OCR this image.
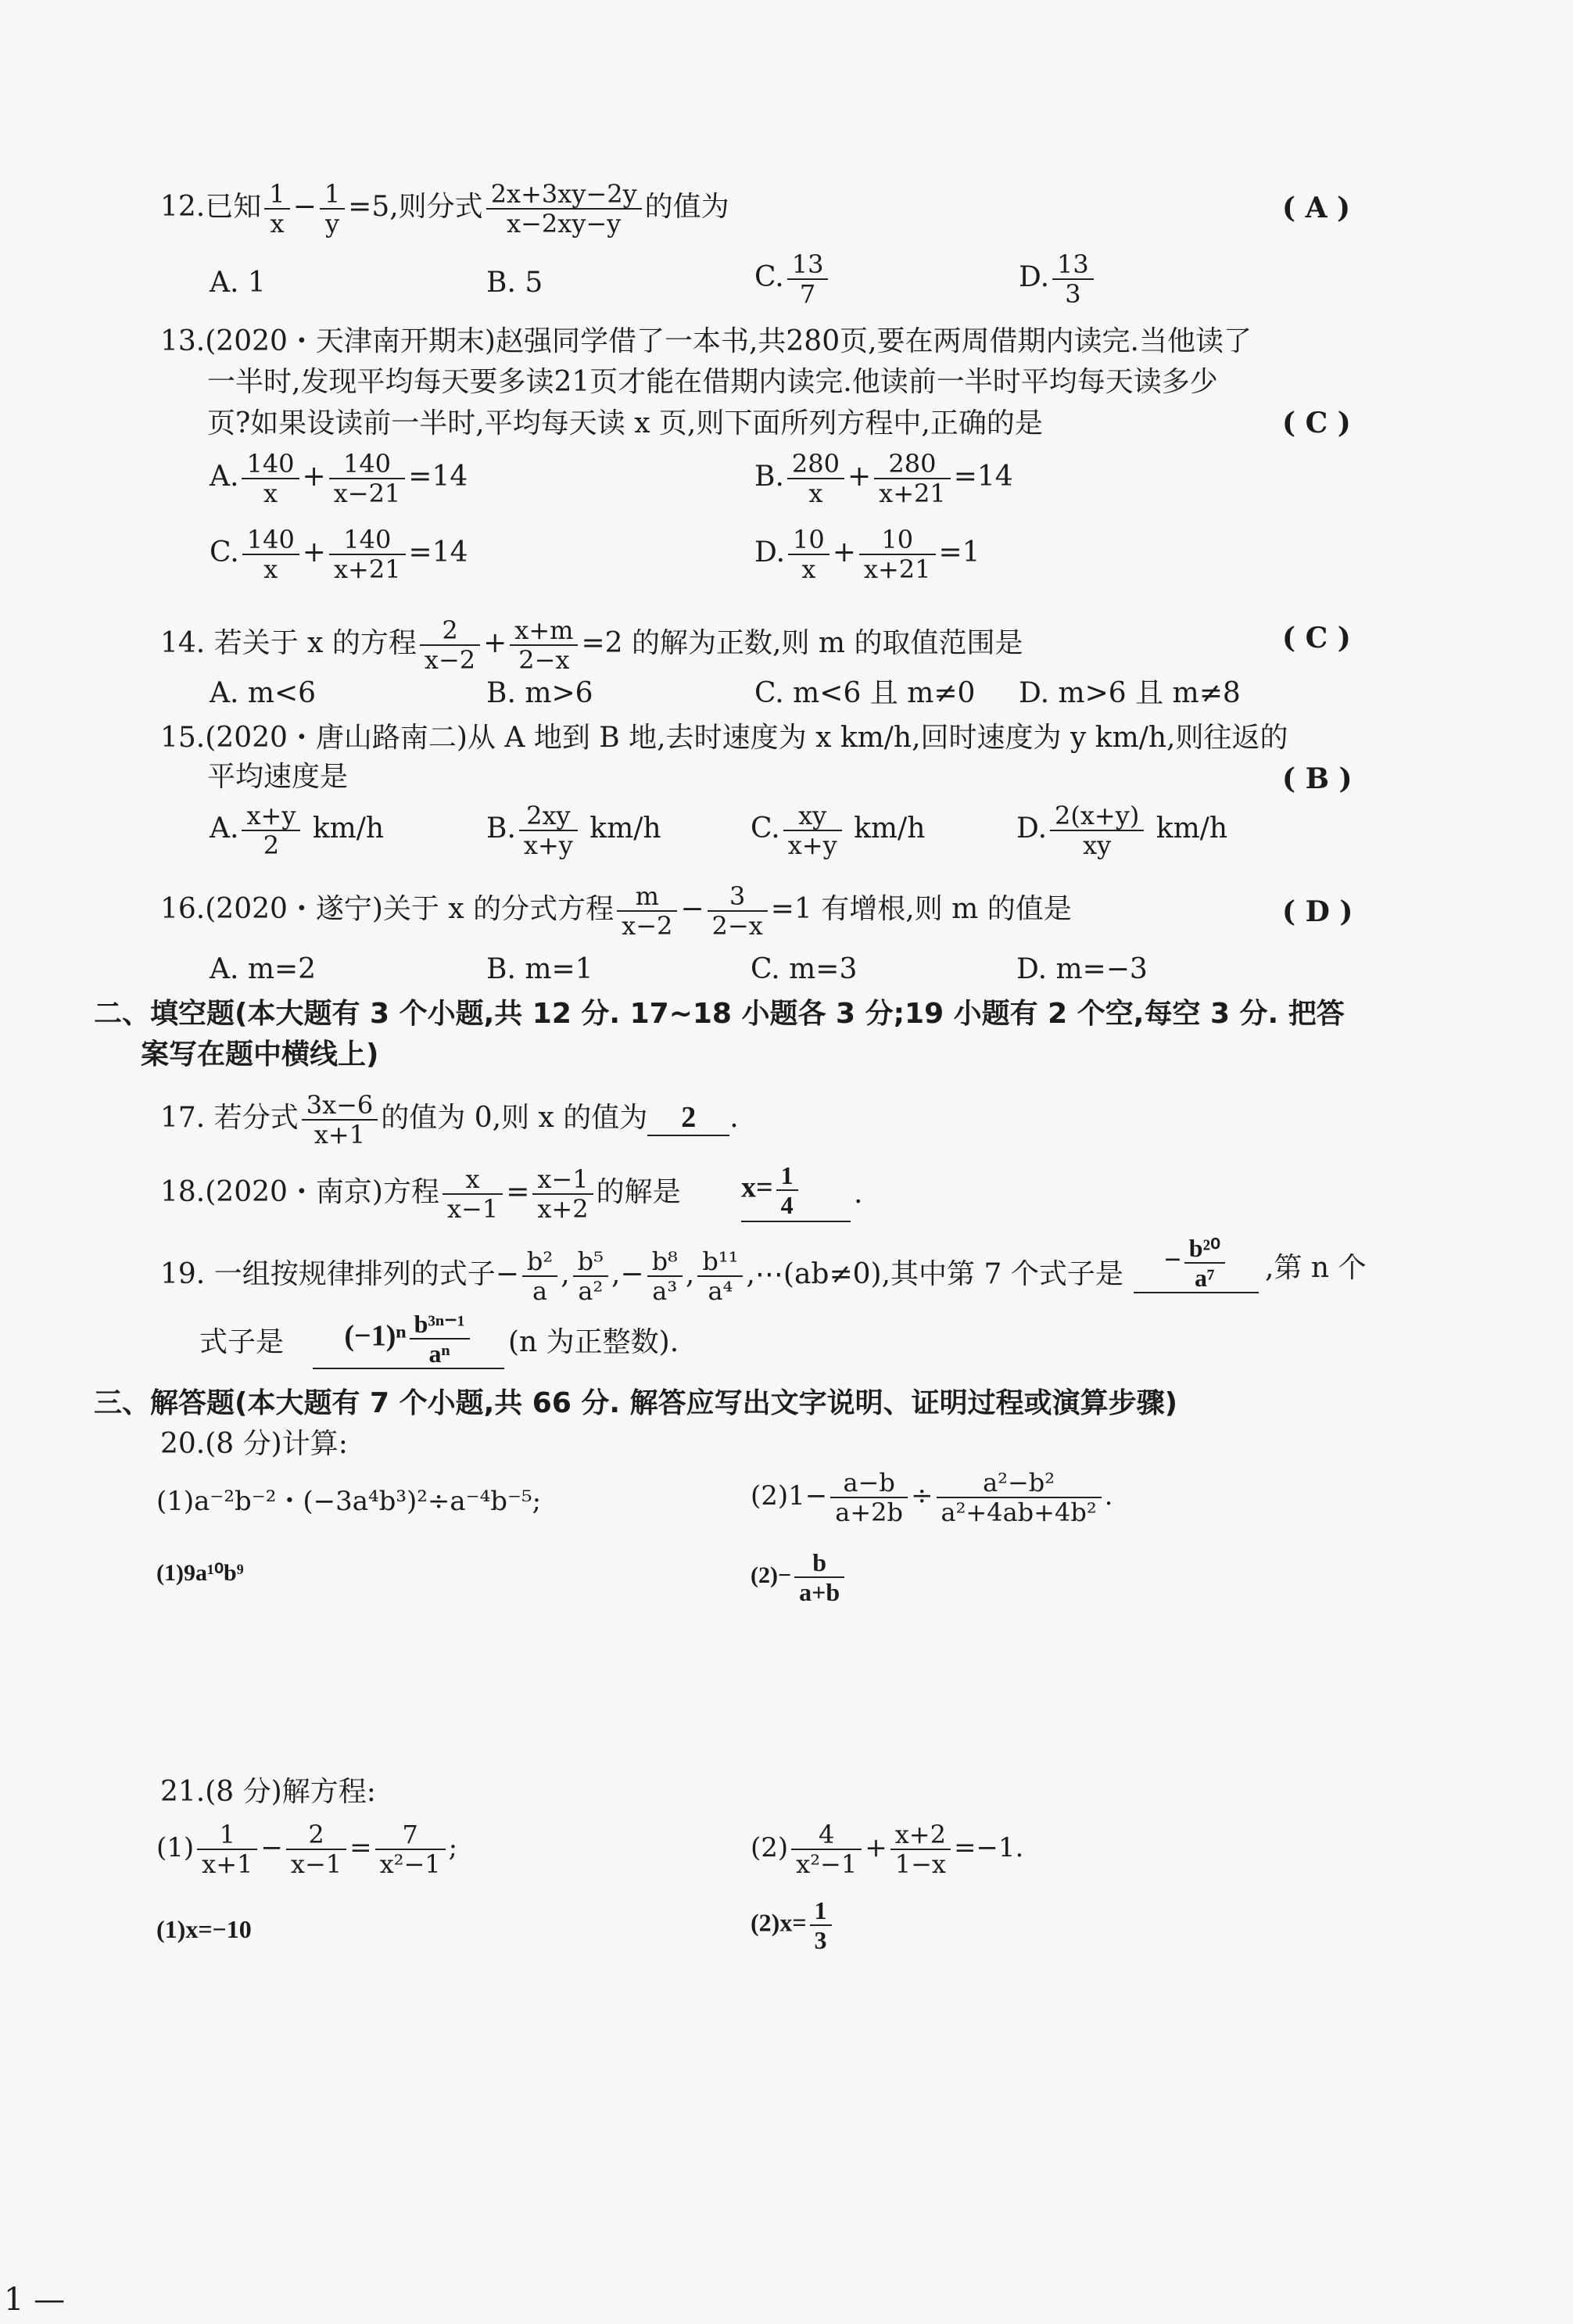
12.已知 $\frac{1}{x} - \frac{1}{y} =5$,则分式 $\frac{2x+3xy-2y}{x-2xy-y}$ 的值为	( A )
A. 1	B. 5	C. $\frac{13}{7}$	D. $\frac{13}{3}$
13.(2020・天津南开期末)赵强同学借了一本书,共280页,要在两周借期内读完.当他读了
一半时,发现平均每天要多读21页才能在借期内读完.他读前一半时平均每天读多少
页?如果设读前一半时,平均每天读 x 页,则下面所列方程中,正确的是	( C )
A. $\frac{140}{x} + \frac{140}{x-21} =14$	B. $\frac{280}{x} + \frac{280}{x+21} =14$
C. $\frac{140}{x} + \frac{140}{x+21} =14$	D. $\frac{10}{x} + \frac{10}{x+21} =1$
14. 若关于 x 的方程 $\frac{2}{x-2} + \frac{x+m}{2-x} =2$ 的解为正数,则 m 的取值范围是	( C )
A. m<6	B. m>6	C. m<6 且 m≠0 D. m>6 且 m≠8
15.(2020・唐山路南二)从 A 地到 B 地,去时速度为 x km/h,回时速度为 y km/h,则往返的
平均速度是	( B )
A. $\frac{x+y}{2} km/h$	B. $\frac{2xy}{x+y} km/h$	C. $\frac{xy}{x+y} km/h$	D. $\frac{2(x+y)}{xy} km/h$
16.(2020・遂宁)关于 x 的分式方程 $\frac{m}{x-2} - \frac{3}{2-x} =1$ 有增根,则 m 的值是	( D )
A. m=2	B. m=1	C. m=3	D. m=−3
二、填空题(本大题有 3 个小题,共 12 分. 17~18 小题各 3 分;19 小题有 2 个空,每空 3 分. 把答
案写在题中横线上)
17. 若分式 $\frac{3x-6}{x+1}$ 的值为 0,则 x 的值为 2 .
18.(2020・南京)方程 $\frac{x}{x-1} = \frac{x-1}{x+2}$ 的解是 $x= \frac{1}{4}$ .
19. 一组按规律排列的式子− $\frac{\text{b²}}{a}$ , $\frac{\text{b⁵}}{\text{a²}}$ ,− $\frac{\text{b⁸}}{\text{a³}}$ , $\frac{\text{b¹¹}}{\text{a⁴}}$ ,⋯(ab≠0),其中第 7 个式子是	− $\frac{\text{b²⁰}}{\text{a⁷}}$ ,第 n 个
式子是	$(-1)^n \frac{\text{b³ⁿ⁻¹}}{\text{aⁿ}} (n$ 为正整数).
三、解答题(本大题有 7 个小题,共 66 分. 解答应写出文字说明、证明过程或演算步骤)
20.(8 分)计算:
(1)a⁻²b⁻²・(−3a⁴b³)²÷a⁻⁴b⁻⁵;	$(2)1- \frac{a-b}{a+2b} \div \frac{\text{a²−b²}}{\text{a²+4ab+4b²}}$ .
(1)9a¹⁰b⁹	$(2)- \frac{b}{a+b}$
21.(8 分)解方程:
$(1) \frac{1}{x+1} - \frac{2}{x-1} = \frac{7}{\text{x²−1}}$ ;	$(2) \frac{4}{\text{x²−1}} + \frac{x+2}{1-x} =-1$.
(1)x=−10	$(2)x= \frac{1}{3}$
1 —
